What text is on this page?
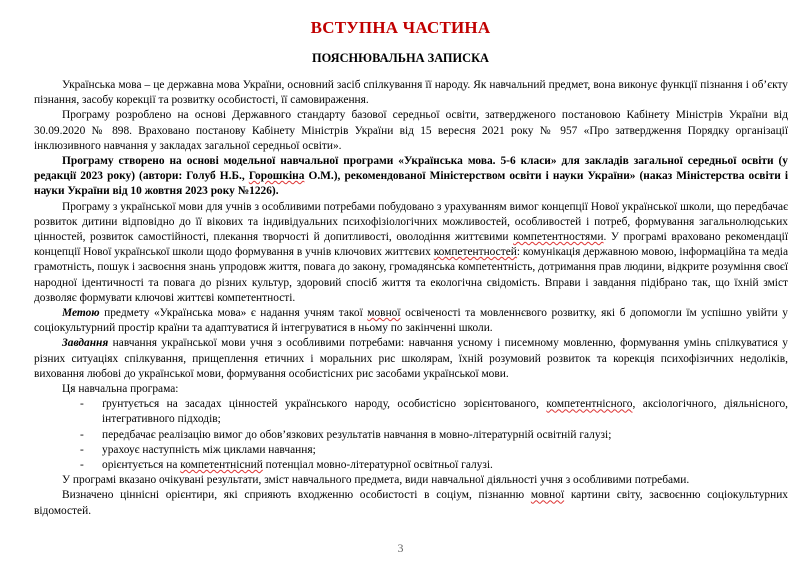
ВСТУПНА ЧАСТИНА
ПОЯСНЮВАЛЬНА ЗАПИСКА

Українська мова – це державна мова України, основний засіб спілкування її народу. Як навчальний предмет, вона виконує функції пізнання і об’єкту пізнання, засобу корекції та розвитку особистості, її самовираження.

Програму розроблено на основі Державного стандарту базової середньої освіти, затвердженого постановою Кабінету Міністрів України від 30.09.2020 № 898. Враховано постанову Кабінету Міністрів України від 15 вересня 2021 року № 957 «Про затвердження Порядку організації інклюзивного навчання у закладах загальної середньої освіти».

Програму створено на основі модельної навчальної програми «Українська мова. 5-6 класи» для закладів загальної середньої освіти (у редакції 2023 року) (автори: Голуб Н.Б., Горошкіна О.М.), рекомендованої Міністерством освіти і науки України» (наказ Міністерства освіти і науки України від 10 жовтня 2023 року №1226).

Програму з української мови для учнів з особливими потребами побудовано з урахуванням вимог концепції Нової української школи, що передбачає розвиток дитини відповідно до її вікових та індивідуальних психофізіологічних можливостей, особливостей і потреб, формування загальнолюдських цінностей, розвиток самостійності, плекання творчості й допитливості, оволодіння життєвими компетентностями. У програмі враховано рекомендації концепції Нової української школи щодо формування в учнів ключових життєвих компетентностей: комунікація державною мовою, інформаційна та медіа грамотність, пошук і засвоєння знань упродовж життя, повага до закону, громадянська компетентність, дотримання прав людини, відкрите розуміння своєї народної ідентичності та повага до різних культур, здоровий спосіб життя та екологічна свідомість. Вправи і завдання підібрано так, що їхній зміст дозволяє формувати ключові життєві компетентності.

Метою предмету «Українська мова» є надання учням такої мовної освіченості та мовленнєвого розвитку, які б допомогли їм успішно увійти у соціокультурний простір країни та адаптуватися й інтегруватися в ньому по закінченні школи.

Завдання навчання української мови учня з особливими потребами: навчання усному і писемному мовленню, формування умінь спілкуватися у різних ситуаціях спілкування, прищеплення етичних і моральних рис школярам, їхній розумовий розвиток та корекція психофізичних недоліків, виховання любові до української мови, формування особистісних рис засобами української мови.

Ця навчальна програма:

- ґрунтується на засадах цінностей українського народу, особистісно зорієнтованого, компетентнісного, аксіологічного, діяльнісного, інтегративного підходів;
- передбачає реалізацію вимог до обов’язкових результатів навчання в мовно-літературній освітній галузі;
- урахоує наступність між циклами навчання;
- орієнтується на компетентнісний потенціал мовно-літературної освітньої галузі.

У програмі вказано очікувані результати, зміст навчального предмета, види навчальної діяльності учня з особливими потребами.

Визначено ціннісні орієнтири, які сприяють входженню особистості в соціум, пізнанню мовної картини світу, засвоєнню соціокультурних відомостей.

3
